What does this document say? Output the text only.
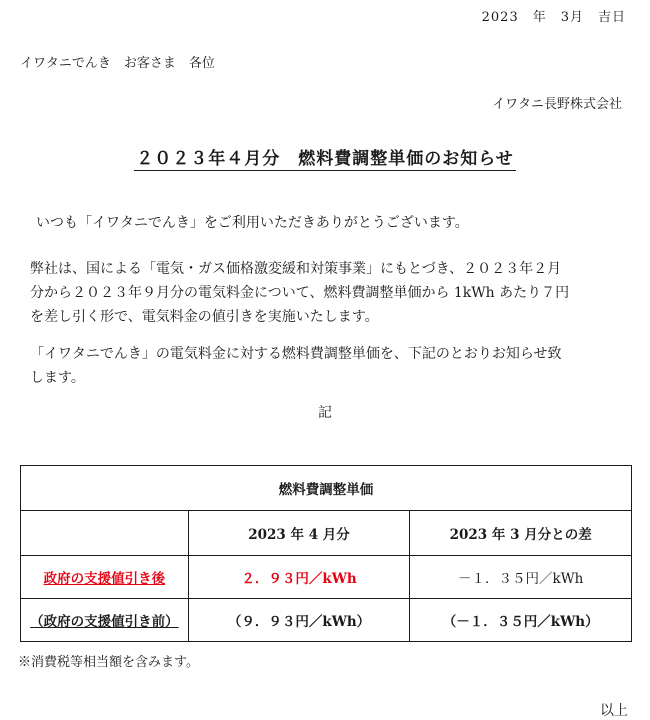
2023　年　3月　吉日
イワタニでんき　お客さま　各位
イワタニ長野株式会社
２０２３年４月分　燃料費調整単価のお知らせ
いつも「イワタニでんき」をご利用いただきありがとうございます。
弊社は、国による「電気・ガス価格激変緩和対策事業」にもとづき、２０２３年２月
分から２０２３年９月分の電気料金について、燃料費調整単価から 1kWh あたり７円
を差し引く形で、電気料金の値引きを実施いたします。
「イワタニでんき」の電気料金に対する燃料費調整単価を、下記のとおりお知らせ致
します。
記
燃料費調整単価		
	2023 年 4 月分	2023 年 3 月分との差
政府の支援値引き後	２．９３円／kWh	－１．３５円／kWh
（政府の支援値引き前）	（９．９３円／kWh）	（－１．３５円／kWh）
※消費税等相当額を含みます。
以上
